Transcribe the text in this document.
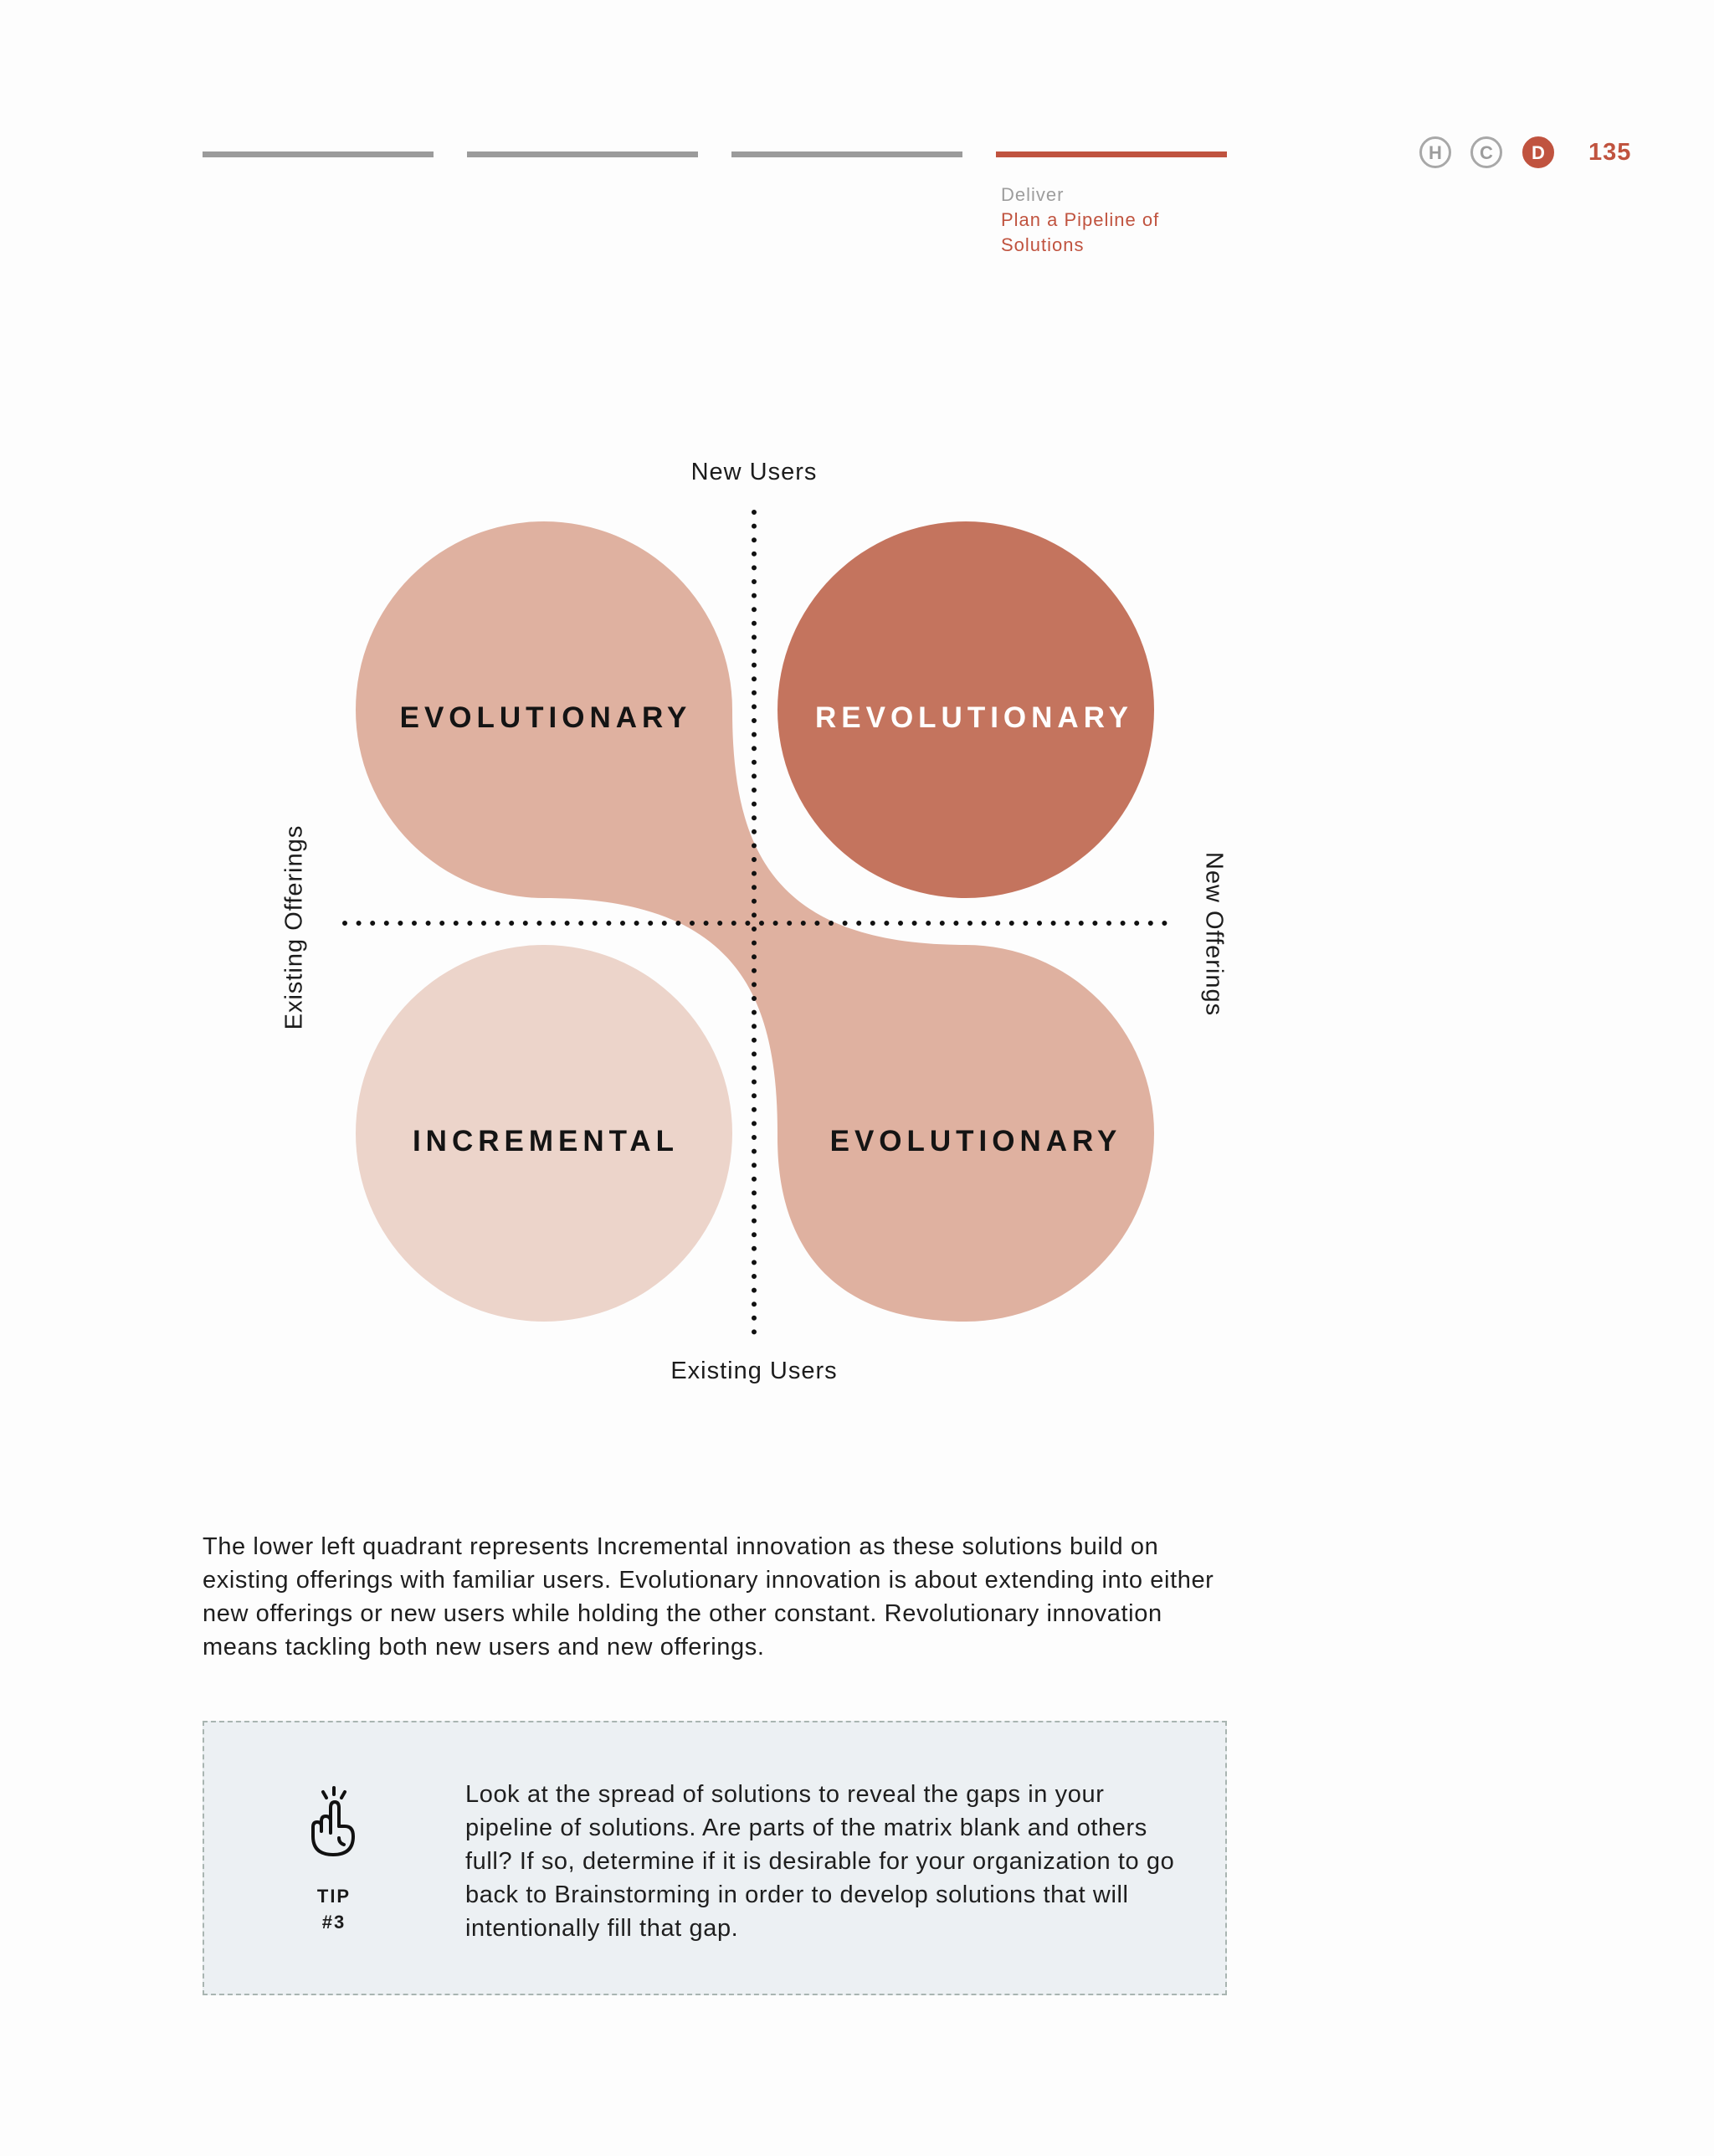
Deliver
Plan a Pipeline of Solutions
H	C	D	135
New Users
Existing Users
Existing Offerings	New Offerings
EVOLUTIONARY	REVOLUTIONARY
INCREMENTAL	EVOLUTIONARY
The lower left quadrant represents Incremental innovation as these solutions build on existing offerings with familiar users. Evolutionary innovation is about extending into either new offerings or new users while holding the other constant. Revolutionary innovation means tackling both new users and new offerings.
TIP
#3
Look at the spread of solutions to reveal the gaps in your pipeline of solutions. Are parts of the matrix blank and others full? If so, determine if it is desirable for your organization to go back to Brainstorming in order to develop solutions that will intentionally fill that gap.
